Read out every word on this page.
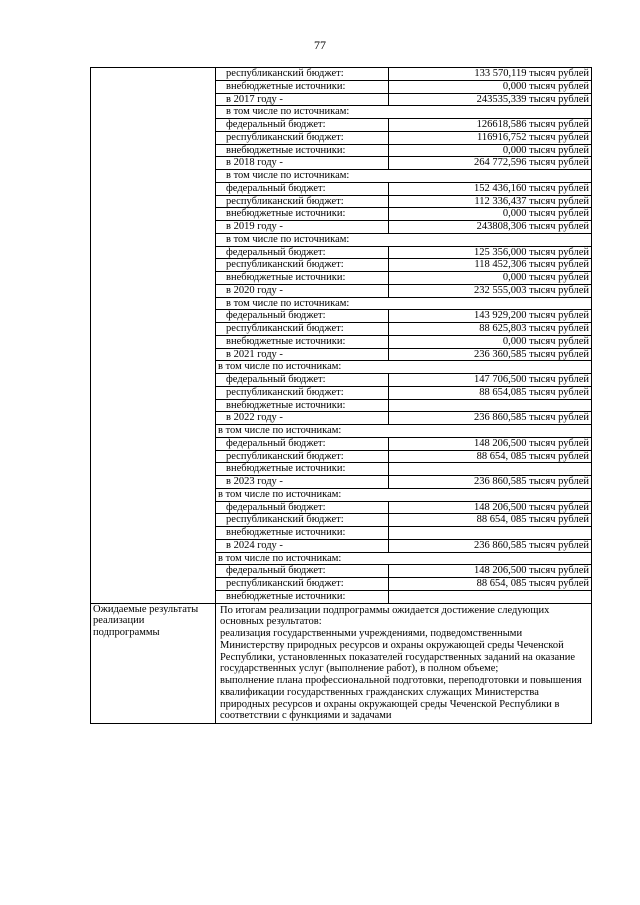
77
	республиканский бюджет:	133 570,119 тысяч рублей
	внебюджетные источники:	0,000 тысяч рублей
	в 2017 году -	243535,339 тысяч рублей
	в том числе по источникам:	
	федеральный бюджет:	126618,586 тысяч рублей
	республиканский бюджет:	116916,752 тысяч рублей
	внебюджетные источники:	0,000 тысяч рублей
	в 2018 году -	264 772,596 тысяч рублей
	в том числе по источникам:	
	федеральный бюджет:	152 436,160 тысяч рублей
	республиканский бюджет:	112 336,437 тысяч рублей
	внебюджетные источники:	0,000 тысяч рублей
	в 2019 году -	243808,306 тысяч рублей
	в том числе по источникам:	
	федеральный бюджет:	125 356,000 тысяч рублей
	республиканский бюджет:	118 452,306 тысяч рублей
	внебюджетные источники:	0,000 тысяч рублей
	в 2020 году -	232 555,003 тысяч рублей
	в том числе по источникам:	
	федеральный бюджет:	143 929,200 тысяч рублей
	республиканский бюджет:	88 625,803 тысяч рублей
	внебюджетные источники:	0,000 тысяч рублей
	в 2021 году -	236 360,585 тысяч рублей
	в том числе по источникам:	
	федеральный бюджет:	147 706,500 тысяч рублей
	республиканский бюджет:	88 654,085 тысяч рублей
	внебюджетные источники:	
	в 2022 году -	236 860,585 тысяч рублей
	в том числе по источникам:	
	федеральный бюджет:	148 206,500 тысяч рублей
	республиканский бюджет:	88 654, 085 тысяч рублей
	внебюджетные источники:	
	в 2023 году -	236 860,585 тысяч рублей
	в том числе по источникам:	
	федеральный бюджет:	148 206,500 тысяч рублей
	республиканский бюджет:	88 654, 085 тысяч рублей
	внебюджетные источники:	
	в 2024 году -	236 860,585 тысяч рублей
	в том числе по источникам:	
	федеральный бюджет:	148 206,500 тысяч рублей
	республиканский бюджет:	88 654, 085 тысяч рублей
	внебюджетные источники:	
Ожидаемые результаты реализации подпрограммы	По итогам реализации подпрограммы ожидается достижение следующих основных результатов:

реализация государственными учреждениями, подведомственными Министерству природных ресурсов и охраны окружающей среды Чеченской Республики, установленных показателей государственных заданий на оказание государственных услуг (выполнение работ), в полном объеме;

выполнение плана профессиональной подготовки, переподготовки и повышения квалификации государственных гражданских служащих Министерства природных ресурсов и охраны окружающей среды Чеченской Республики в соответствии с функциями и задачами	
